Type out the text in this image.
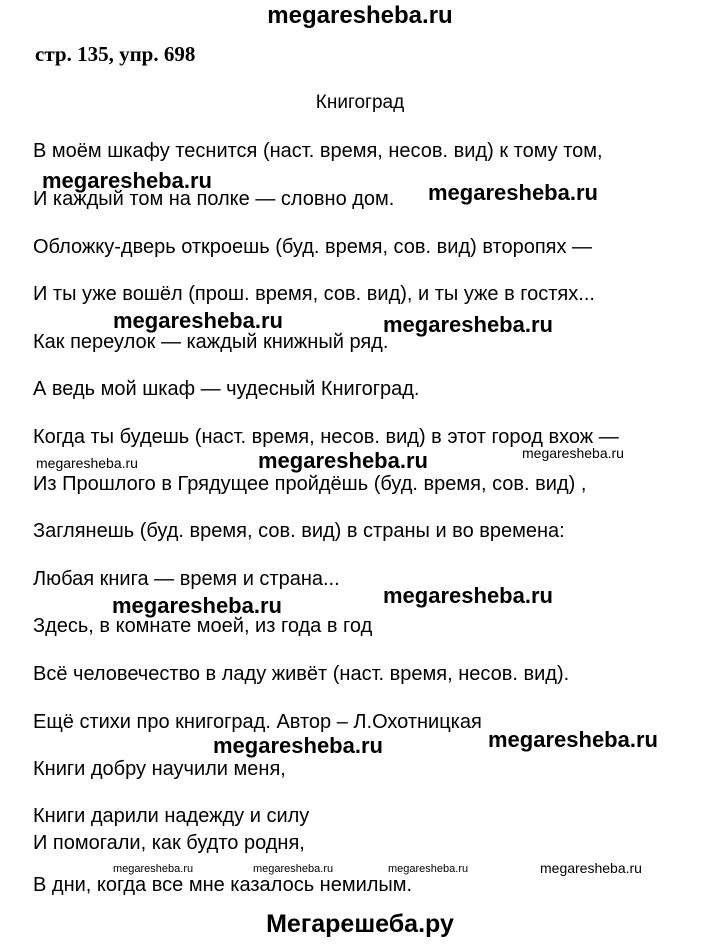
megaresheba.ru
стр. 135, упр. 698
Книгоград
В моём шкафу теснится (наст. время, несов. вид) к тому том,
И каждый том на полке — словно дом.
Обложку-дверь откроешь (буд. время, сов. вид) второпях —
И ты уже вошёл (прош. время, сов. вид), и ты уже в гостях...
Как переулок — каждый книжный ряд.
А ведь мой шкаф — чудесный Книгоград.
Когда ты будешь (наст. время, несов. вид) в этот город вхож —
Из Прошлого в Грядущее пройдёшь (буд. время, сов. вид) ,
Заглянешь (буд. время, сов. вид) в страны и во времена:
Любая книга — время и страна...
Здесь, в комнате моей, из года в год
Всё человечество в ладу живёт (наст. время, несов. вид).
Ещё стихи про книгоград. Автор – Л.Охотницкая
Книги добру научили меня,
Книги дарили надежду и силу
И помогали, как будто родня,
В дни, когда все мне казалось немилым.
megaresheba.ru	megaresheba.ru
megaresheba.ru	megaresheba.ru
megaresheba.ru	megaresheba.ru	megaresheba.ru
megaresheba.ru
megaresheba.ru
megaresheba.ru	megaresheba.ru
megaresheba.ru	megaresheba.ru	megaresheba.ru	megaresheba.ru
Мегарешеба.ру
